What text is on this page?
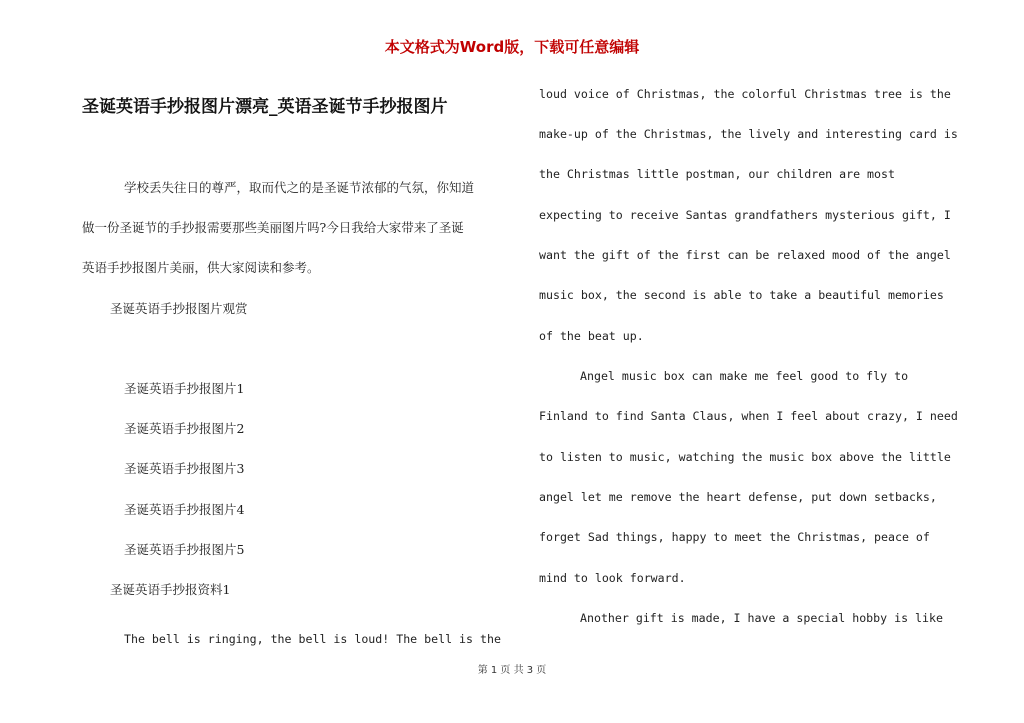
本文格式为Word版，下载可任意编辑
圣诞英语手抄报图片漂亮_英语圣诞节手抄报图片
学校丢失往日的尊严，取而代之的是圣诞节浓郁的气氛，你知道
做一份圣诞节的手抄报需要那些美丽图片吗?今日我给大家带来了圣诞
英语手抄报图片美丽，供大家阅读和参考。
圣诞英语手抄报图片观赏
圣诞英语手抄报图片1
圣诞英语手抄报图片2
圣诞英语手抄报图片3
圣诞英语手抄报图片4
圣诞英语手抄报图片5
圣诞英语手抄报资料1
The bell is ringing, the bell is loud! The bell is the
loud voice of Christmas, the colorful Christmas tree is the
make-up of the Christmas, the lively and interesting card is
the Christmas little postman, our children are most
expecting to receive Santas grandfathers mysterious gift, I
want the gift of the first can be relaxed mood of the angel
music box, the second is able to take a beautiful memories
of the beat up.
Angel music box can make me feel good to fly to
Finland to find Santa Claus, when I feel about crazy, I need
to listen to music, watching the music box above the little
angel let me remove the heart defense, put down setbacks,
forget Sad things, happy to meet the Christmas, peace of
mind to look forward.
Another gift is made, I have a special hobby is like
第 1 页 共 3 页
